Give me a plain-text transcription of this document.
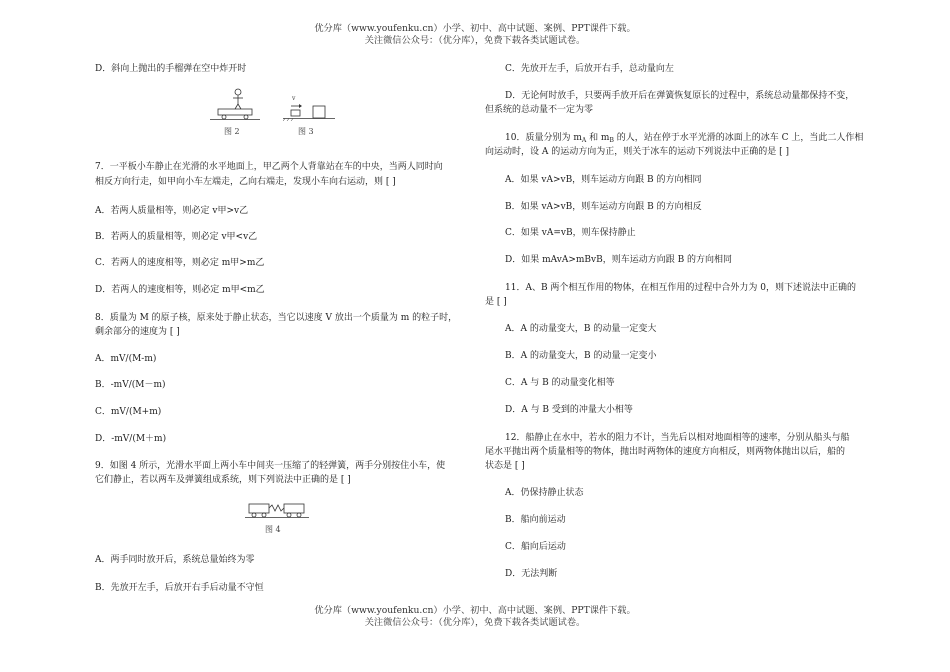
优分库（www.youfenku.cn）小学、初中、高中试题、案例、PPT课件下载。
关注微信公众号：（优分库），免费下载各类试题试卷。
D．斜向上抛出的手榴弹在空中炸开时
图 2
v
图 3
7．一平板小车静止在光滑的水平地面上，甲乙两个人背靠站在车的中央，当两人同时向
相反方向行走，如甲向小车左端走，乙向右端走，发现小车向右运动，则 [ ]
A．若两人质量相等，则必定 v甲>v乙
B．若两人的质量相等，则必定 v甲<v乙
C．若两人的速度相等，则必定 m甲>m乙
D．若两人的速度相等，则必定 m甲<m乙
8．质量为 M 的原子核，原来处于静止状态，当它以速度 V 放出一个质量为 m 的粒子时，
剩余部分的速度为 [ ]
A．mV/(M-m)
B．-mV/(M－m)
C．mV/(M+m)
D．-mV/(M＋m)
9．如图 4 所示，光滑水平面上两小车中间夹一压缩了的轻弹簧，两手分别按住小车，使
它们静止，若以两车及弹簧组成系统，则下列说法中正确的是 [ ]
图 4
A．两手同时放开后，系统总量始终为零
B．先放开左手，后放开右手后动量不守恒
C．先放开左手，后放开右手，总动量向左
D．无论何时放手，只要两手放开后在弹簧恢复原长的过程中，系统总动量都保持不变，
但系统的总动量不一定为零
10．质量分别为 $m_A$ 和 $m_B$ 的人，站在停于水平光滑的冰面上的冰车 C 上，当此二人作相
向运动时，设 A 的运动方向为正，则关于冰车的运动下列说法中正确的是 [ ]
A．如果 vA>vB，则车运动方向跟 B 的方向相同
B．如果 vA>vB，则车运动方向跟 B 的方向相反
C．如果 vA=vB，则车保持静止
D．如果 mAvA>mBvB，则车运动方向跟 B 的方向相同
11．A、B 两个相互作用的物体，在相互作用的过程中合外力为 0，则下述说法中正确的
是 [ ]
A．A 的动量变大，B 的动量一定变大
B．A 的动量变大，B 的动量一定变小
C．A 与 B 的动量变化相等
D．A 与 B 受到的冲量大小相等
12．船静止在水中，若水的阻力不计，当先后以相对地面相等的速率，分别从船头与船
尾水平抛出两个质量相等的物体，抛出时两物体的速度方向相反，则两物体抛出以后，船的
状态是 [ ]
A．仍保持静止状态
B．船向前运动
C．船向后运动
D．无法判断
优分库（www.youfenku.cn）小学、初中、高中试题、案例、PPT课件下载。
关注微信公众号：（优分库），免费下载各类试题试卷。
